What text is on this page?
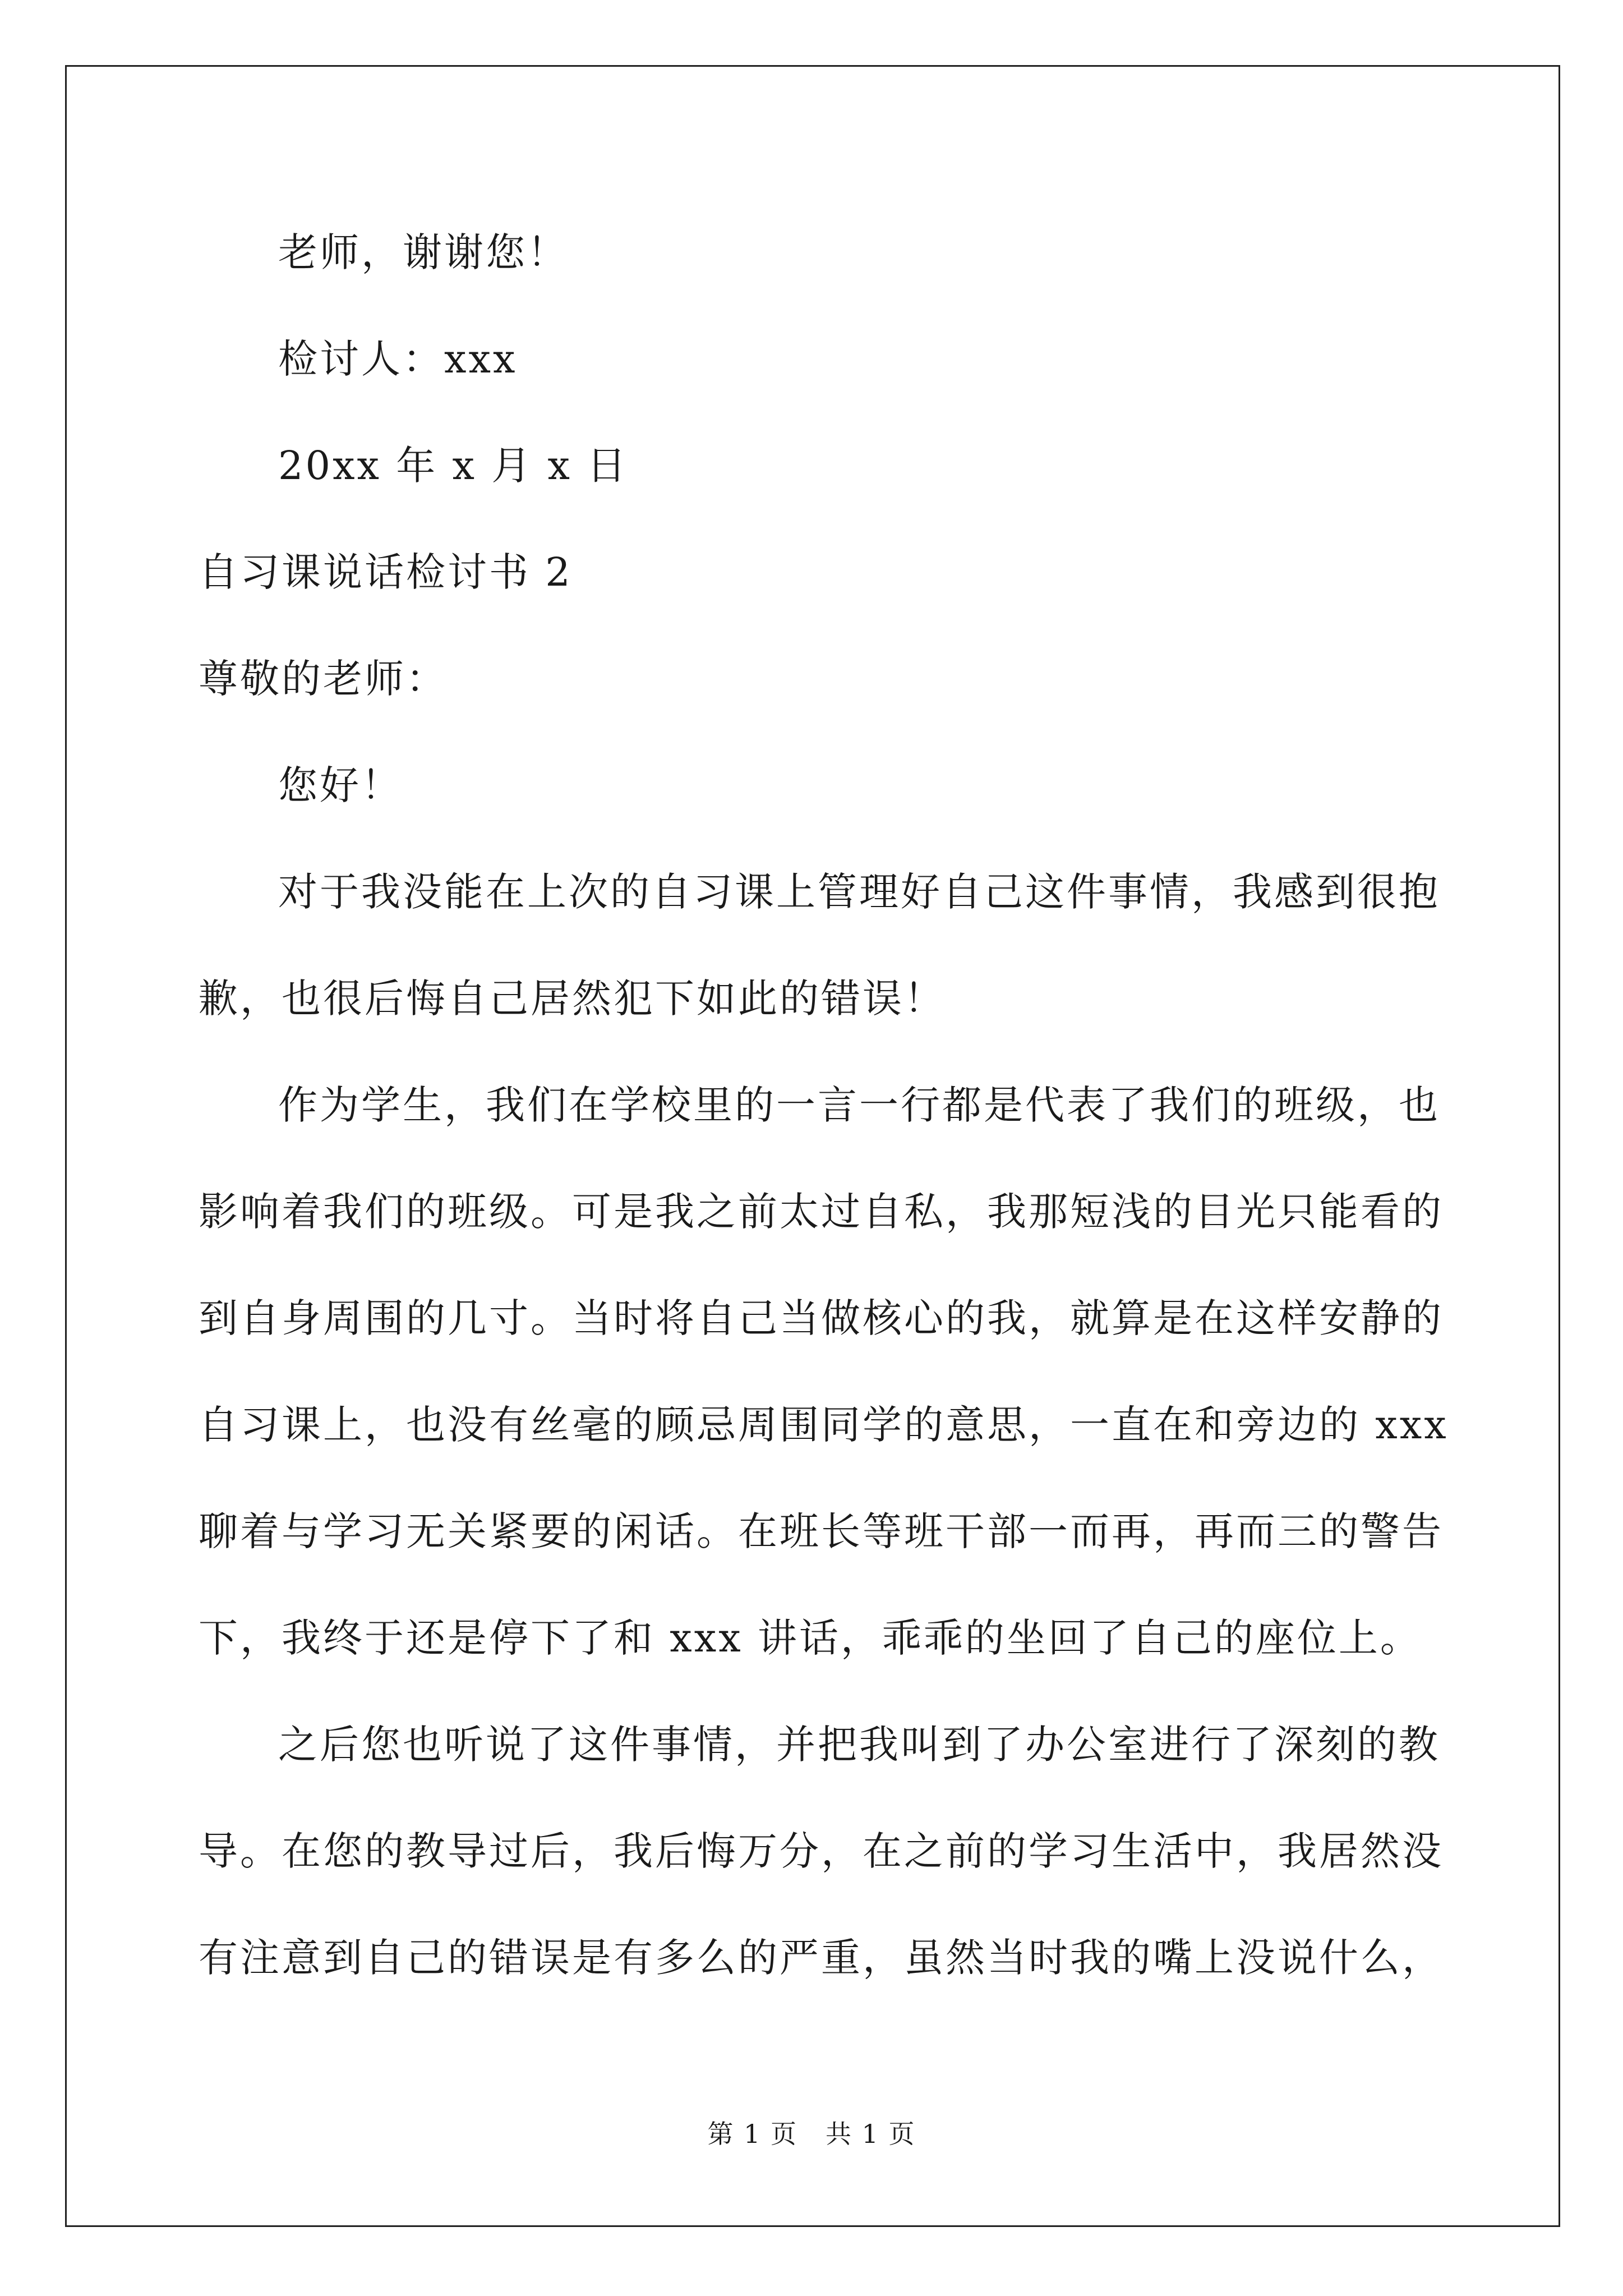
老师，谢谢您！
检讨人：xxx
20xx 年 x 月 x 日
自习课说话检讨书 2
尊敬的老师：
您好！
对于我没能在上次的自习课上管理好自己这件事情，我感到很抱
歉，也很后悔自己居然犯下如此的错误！
作为学生，我们在学校里的一言一行都是代表了我们的班级，也
影响着我们的班级。可是我之前太过自私，我那短浅的目光只能看的
到自身周围的几寸。当时将自己当做核心的我，就算是在这样安静的
自习课上，也没有丝毫的顾忌周围同学的意思，一直在和旁边的 xxx
聊着与学习无关紧要的闲话。在班长等班干部一而再，再而三的警告
下，我终于还是停下了和 xxx 讲话，乖乖的坐回了自己的座位上。
之后您也听说了这件事情，并把我叫到了办公室进行了深刻的教
导。在您的教导过后，我后悔万分，在之前的学习生活中，我居然没
有注意到自己的错误是有多么的严重，虽然当时我的嘴上没说什么，
第 1 页 共 1 页
